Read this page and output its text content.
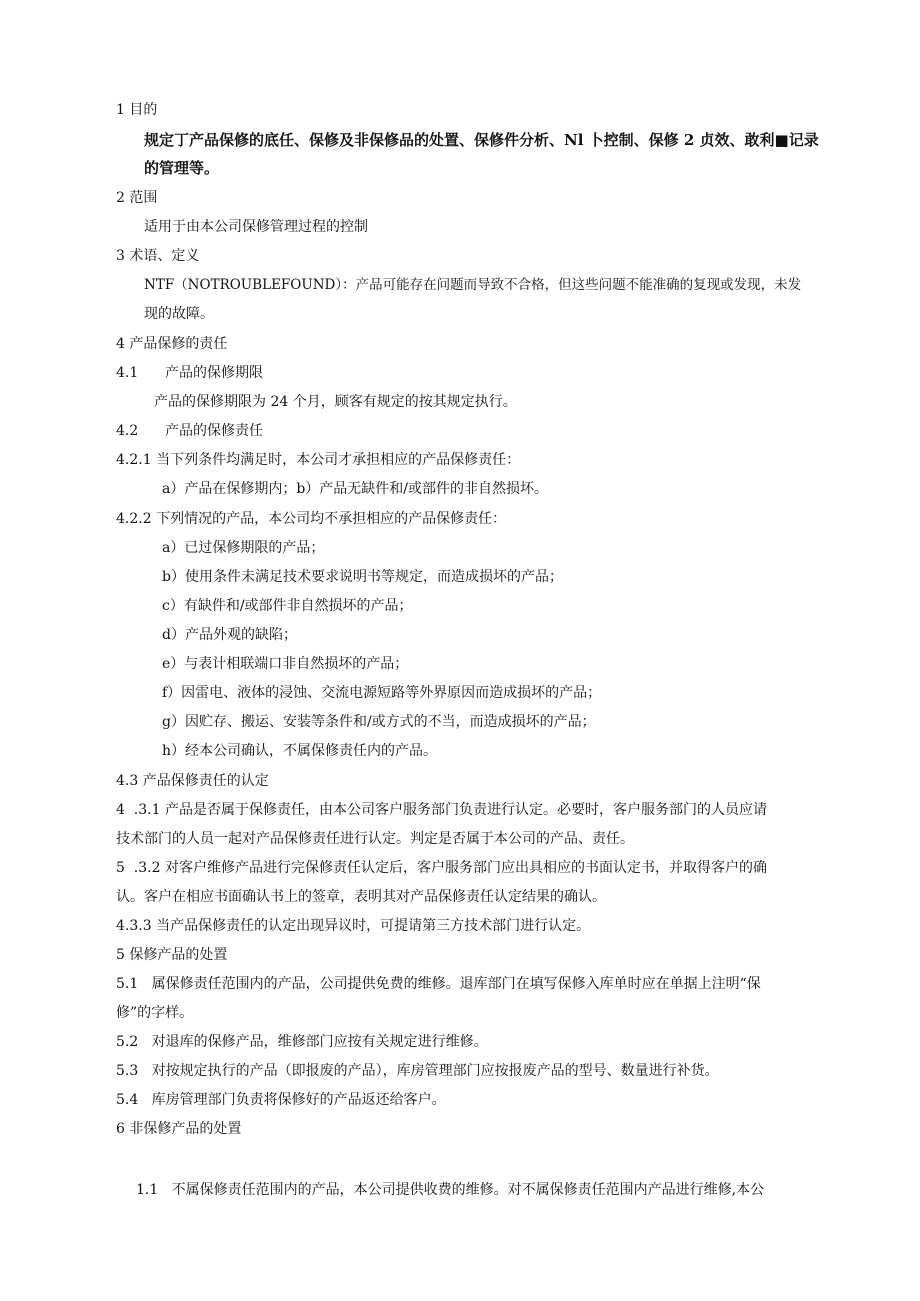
1 目的
规定丁产品保修的底任、保修及非保修品的处置、保修件分析、Nl 卜控制、保修 2 贞效、敢利■记录
的管理等。
2 范围
适用于由本公司保修管理过程的控制
3 术语、定义
NTF（NOTROUBLEFOUND）：产品可能存在问题而导致不合格，但这些问题不能准确的复现或发现，未发
现的故障。
4 产品保修的责任
4.1      产品的保修期限
产品的保修期限为 24 个月，顾客有规定的按其规定执行。
4.2      产品的保修责任
4.2.1 当下列条件均满足时，本公司才承担相应的产品保修责任：
a）产品在保修期内；b）产品无缺件和/或部件的非自然损坏。
4.2.2 下列情况的产品，本公司均不承担相应的产品保修责任：
a）已过保修期限的产品；
b）使用条件未满足技术要求说明书等规定，而造成损坏的产品；
c）有缺件和/或部件非自然损坏的产品；
d）产品外观的缺陷；
e）与表计相联端口非自然损坏的产品；
f）因雷电、液体的浸蚀、交流电源短路等外界原因而造成损坏的产品；
g）因贮存、搬运、安装等条件和/或方式的不当，而造成损坏的产品；
h）经本公司确认，不属保修责任内的产品。
4.3 产品保修责任的认定
4  .3.1 产品是否属于保修责任，由本公司客户服务部门负责进行认定。必要时，客户服务部门的人员应请
技术部门的人员一起对产品保修责任进行认定。判定是否属于本公司的产品、责任。
5  .3.2 对客户维修产品进行完保修责任认定后，客户服务部门应出具相应的书面认定书，并取得客户的确
认。客户在相应书面确认书上的签章，表明其对产品保修责任认定结果的确认。
4.3.3 当产品保修责任的认定出现异议时，可提请第三方技术部门进行认定。
5 保修产品的处置
5.1   属保修责任范围内的产品，公司提供免费的维修。退库部门在填写保修入库单时应在单据上注明“保
修”的字样。
5.2   对退库的保修产品，维修部门应按有关规定进行维修。
5.3   对按规定执行的产品（即报废的产品），库房管理部门应按报废产品的型号、数量进行补货。
5.4   库房管理部门负责将保修好的产品返还给客户。
6 非保修产品的处置
1.1   不属保修责任范围内的产品，本公司提供收费的维修。对不属保修责任范围内产品进行维修,本公
